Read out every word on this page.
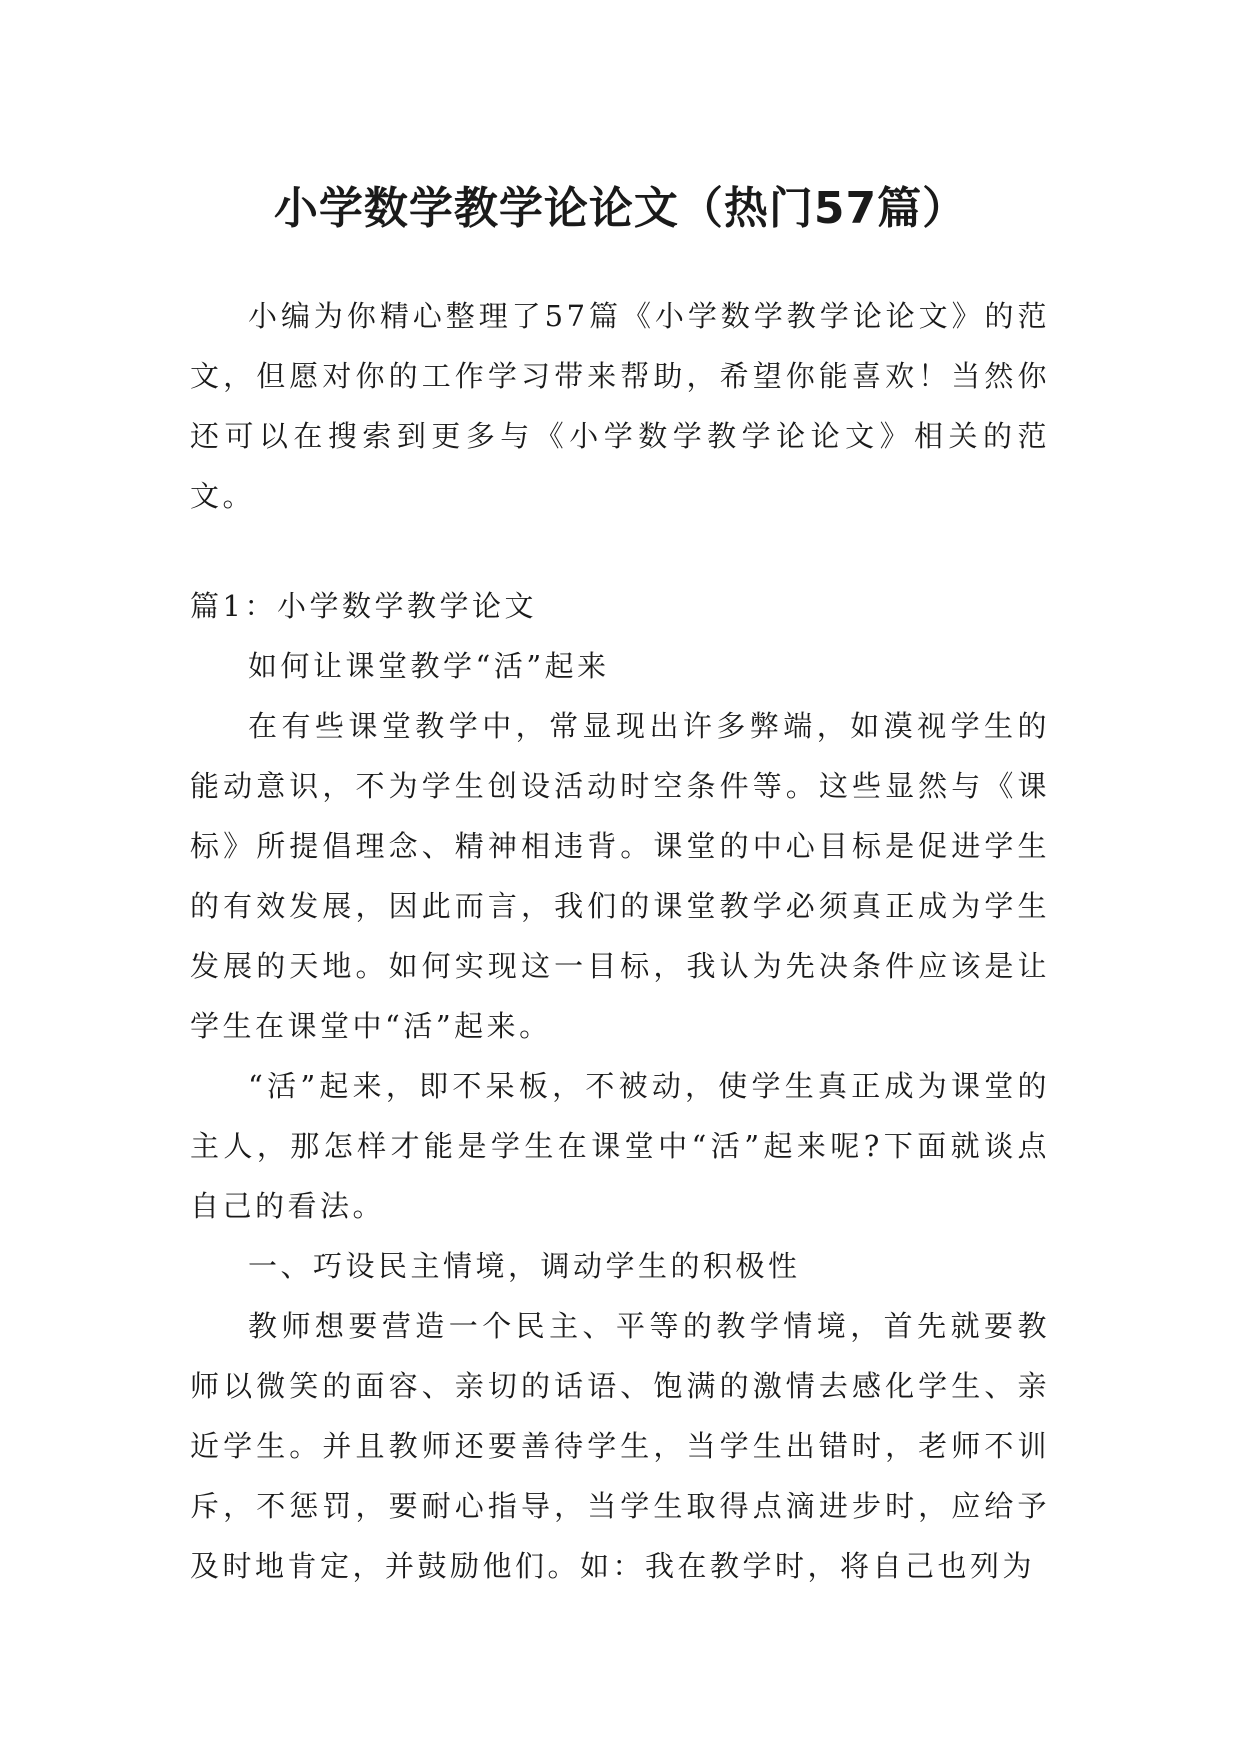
小学数学教学论论文（热门57篇）

小编为你精心整理了57篇《小学数学教学论论文》的范文，但愿对你的工作学习带来帮助，希望你能喜欢！当然你还可以在搜索到更多与《小学数学教学论论文》相关的范文。

篇1：小学数学教学论文

如何让课堂教学“活”起来

在有些课堂教学中，常显现出许多弊端，如漠视学生的能动意识，不为学生创设活动时空条件等。这些显然与《课标》所提倡理念、精神相违背。课堂的中心目标是促进学生的有效发展，因此而言，我们的课堂教学必须真正成为学生发展的天地。如何实现这一目标，我认为先决条件应该是让学生在课堂中“活”起来。

“活”起来，即不呆板，不被动，使学生真正成为课堂的主人，那怎样才能是学生在课堂中“活”起来呢?下面就谈点自己的看法。

一、巧设民主情境，调动学生的积极性

教师想要营造一个民主、平等的教学情境，首先就要教师以微笑的面容、亲切的话语、饱满的激情去感化学生、亲近学生。并且教师还要善待学生，当学生出错时，老师不训斥，不惩罚，要耐心指导，当学生取得点滴进步时，应给予及时地肯定，并鼓励他们。如：我在教学时，将自己也列为
